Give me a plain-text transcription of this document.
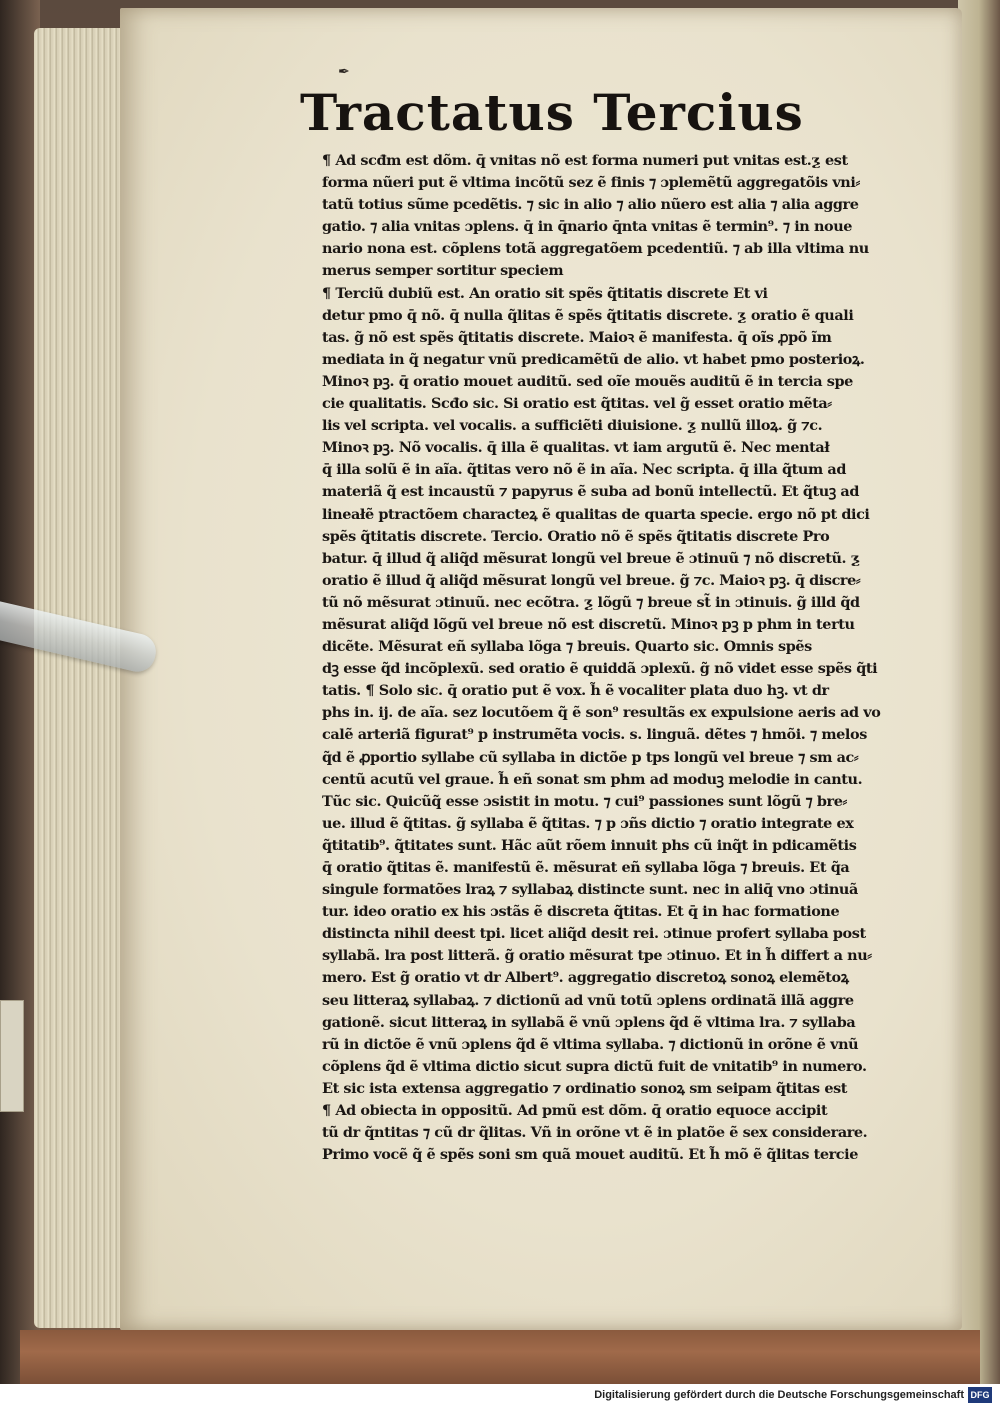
✒
Tractatus Tercius
¶ Ad scđm est dõm. q̄ vnitas nõ est forma numeri put vnitas est.ƺ est
forma nũeri put ẽ vltima incõtũ sez ẽ finis ⁊ ɔplemẽtũ aggregatõis vni⸗
tatũ totius sũme pcedẽtis. ⁊ sic in alio ⁊ alio nũero est alia ⁊ alia aggre
gatio. ⁊ alia vnitas ɔplens. q̄ in q̄nario q̄nta vnitas ẽ termin⁹. ⁊ in noue
nario nona est. cõplens totã aggregatõem pcedentiũ. ⁊ ab illa vltima nu
merus semper sortitur speciem
¶ Terciũ dubiũ est. An oratio sit spẽs q̃titatis discrete Et vi
detur pmo q̄ nõ. q̄ nulla q̃litas ẽ spẽs q̃titatis discrete. ƺ oratio ẽ quali
tas. g̃ nõ est spẽs q̃titatis discrete. Maioꝛ ẽ manifesta. q̄ oĩs ꝓpõ ĩm
mediata in q̃ negatur vnũ predicamẽtũ de alio. vt habet pmo posterioꝝ.
Minoꝛ pꝫ. q̄ oratio mouet auditũ. sed oĩe mouẽs auditũ ẽ in tercia spe
cie qualitatis. Scđo sic. Si oratio est q̃titas. vel g̃ esset oratio mẽta⸗
lis vel scripta. vel vocalis. a sufficiẽti diuisione. ƺ nullũ illoꝝ. g̃ ⁊c.
Minoꝛ pꝫ. Nõ vocalis. q̄ illa ẽ qualitas. vt iam argutũ ẽ. Nec mentał
q̄ illa solũ ẽ in aĩa. q̃titas vero nõ ẽ in aĩa. Nec scripta. q̄ illa q̃tum ad
materiã q̃ est incaustũ ⁊ papyrus ẽ suba ad bonũ intellectũ. Et q̃tuꝫ ad
lineałẽ ptractõem characteꝝ ẽ qualitas de quarta specie. ergo nõ pt dici
spẽs q̃titatis discrete. Tercio. Oratio nõ ẽ spẽs q̃titatis discrete Pro
batur. q̄ illud q̃ aliq̃d mẽsurat longũ vel breue ẽ ɔtinuũ ⁊ nõ discretũ. ƺ
oratio ẽ illud q̃ aliq̃d mẽsurat longũ vel breue. g̃ ⁊c. Maioꝛ pꝫ. q̄ discre⸗
tũ nõ mẽsurat ɔtinuũ. nec ecõtra. ƺ lõgũ ⁊ breue st̃ in ɔtinuis. g̃ illd q̃d
mẽsurat aliq̃d lõgũ vel breue nõ est discretũ. Minoꝛ pꝫ p phm in tertu
dicẽte. Mẽsurat eñ syllaba lõga ⁊ breuis. Quarto sic. Omnis spẽs
dꝫ esse q̃d incõplexũ. sed oratio ẽ quiddã ɔplexũ. g̃ nõ videt esse spẽs q̃ti
tatis. ¶ Solo sic. q̄ oratio put ẽ vox. h̃ ẽ vocaliter plata duo hꝫ. vt dr
phs in. ij. de aĩa. sez locutõem q̃ ẽ son⁹ resultãs ex expulsione aeris ad vo
calẽ arteriã figurat⁹ p instrumẽta vocis. s. linguã. dẽtes ⁊ hmõi. ⁊ melos
q̃d ẽ ꝓportio syllabe cũ syllaba in dictõe p tps longũ vel breue ⁊ sm ac⸗
centũ acutũ vel graue. h̃ eñ sonat sm phm ad moduꝫ melodie in cantu.
Tũc sic. Quicũq̃ esse ɔsistit in motu. ⁊ cui⁹ passiones sunt lõgũ ⁊ bre⸗
ue. illud ẽ q̃titas. g̃ syllaba ẽ q̃titas. ⁊ p ɔñs dictio ⁊ oratio integrate ex
q̃titatib⁹. q̃titates sunt. Hãc aũt rõem innuit phs cũ inq̃t in pdicamẽtis
q̄ oratio q̃titas ẽ. manifestũ ẽ. mẽsurat eñ syllaba lõga ⁊ breuis. Et q̃a
singule formatões lraꝝ ⁊ syllabaꝝ distincte sunt. nec in aliq̄ vno ɔtinuã
tur. ideo oratio ex his ɔstãs ẽ discreta q̃titas. Et q̄ in hac formatione
distincta nihil deest tpi. licet aliq̃d desit rei. ɔtinue profert syllaba post
syllabã. lra post litterã. g̃ oratio mẽsurat tpe ɔtinuo. Et in h̃ differt a nu⸗
mero. Est g̃ oratio vt dr Albert⁹. aggregatio discretoꝝ sonoꝝ elemẽtoꝝ
seu litteraꝝ syllabaꝝ. ⁊ dictionũ ad vnũ totũ ɔplens ordinatã illã aggre
gationẽ. sicut litteraꝝ in syllabã ẽ vnũ ɔplens q̃d ẽ vltima lra. ⁊ syllaba
rũ in dictõe ẽ vnũ ɔplens q̃d ẽ vltima syllaba. ⁊ dictionũ in orõne ẽ vnũ
cõplens q̃d ẽ vltima dictio sicut supra dictũ fuit de vnitatib⁹ in numero.
Et sic ista extensa aggregatio ⁊ ordinatio sonoꝝ sm seipam q̃titas est
¶ Ad obiecta in oppositũ. Ad pmũ est dõm. q̄ oratio equoce accipit
tũ dr q̃ntitas ⁊ cũ dr q̃litas. Vñ in orõne vt ẽ in platõe ẽ sex considerare.
Primo vocẽ q̃ ẽ spẽs soni sm quã mouet auditũ. Et h̃ mõ ẽ q̃litas tercie
Digitalisierung gefördert durch die Deutsche Forschungsgemeinschaft DFG
